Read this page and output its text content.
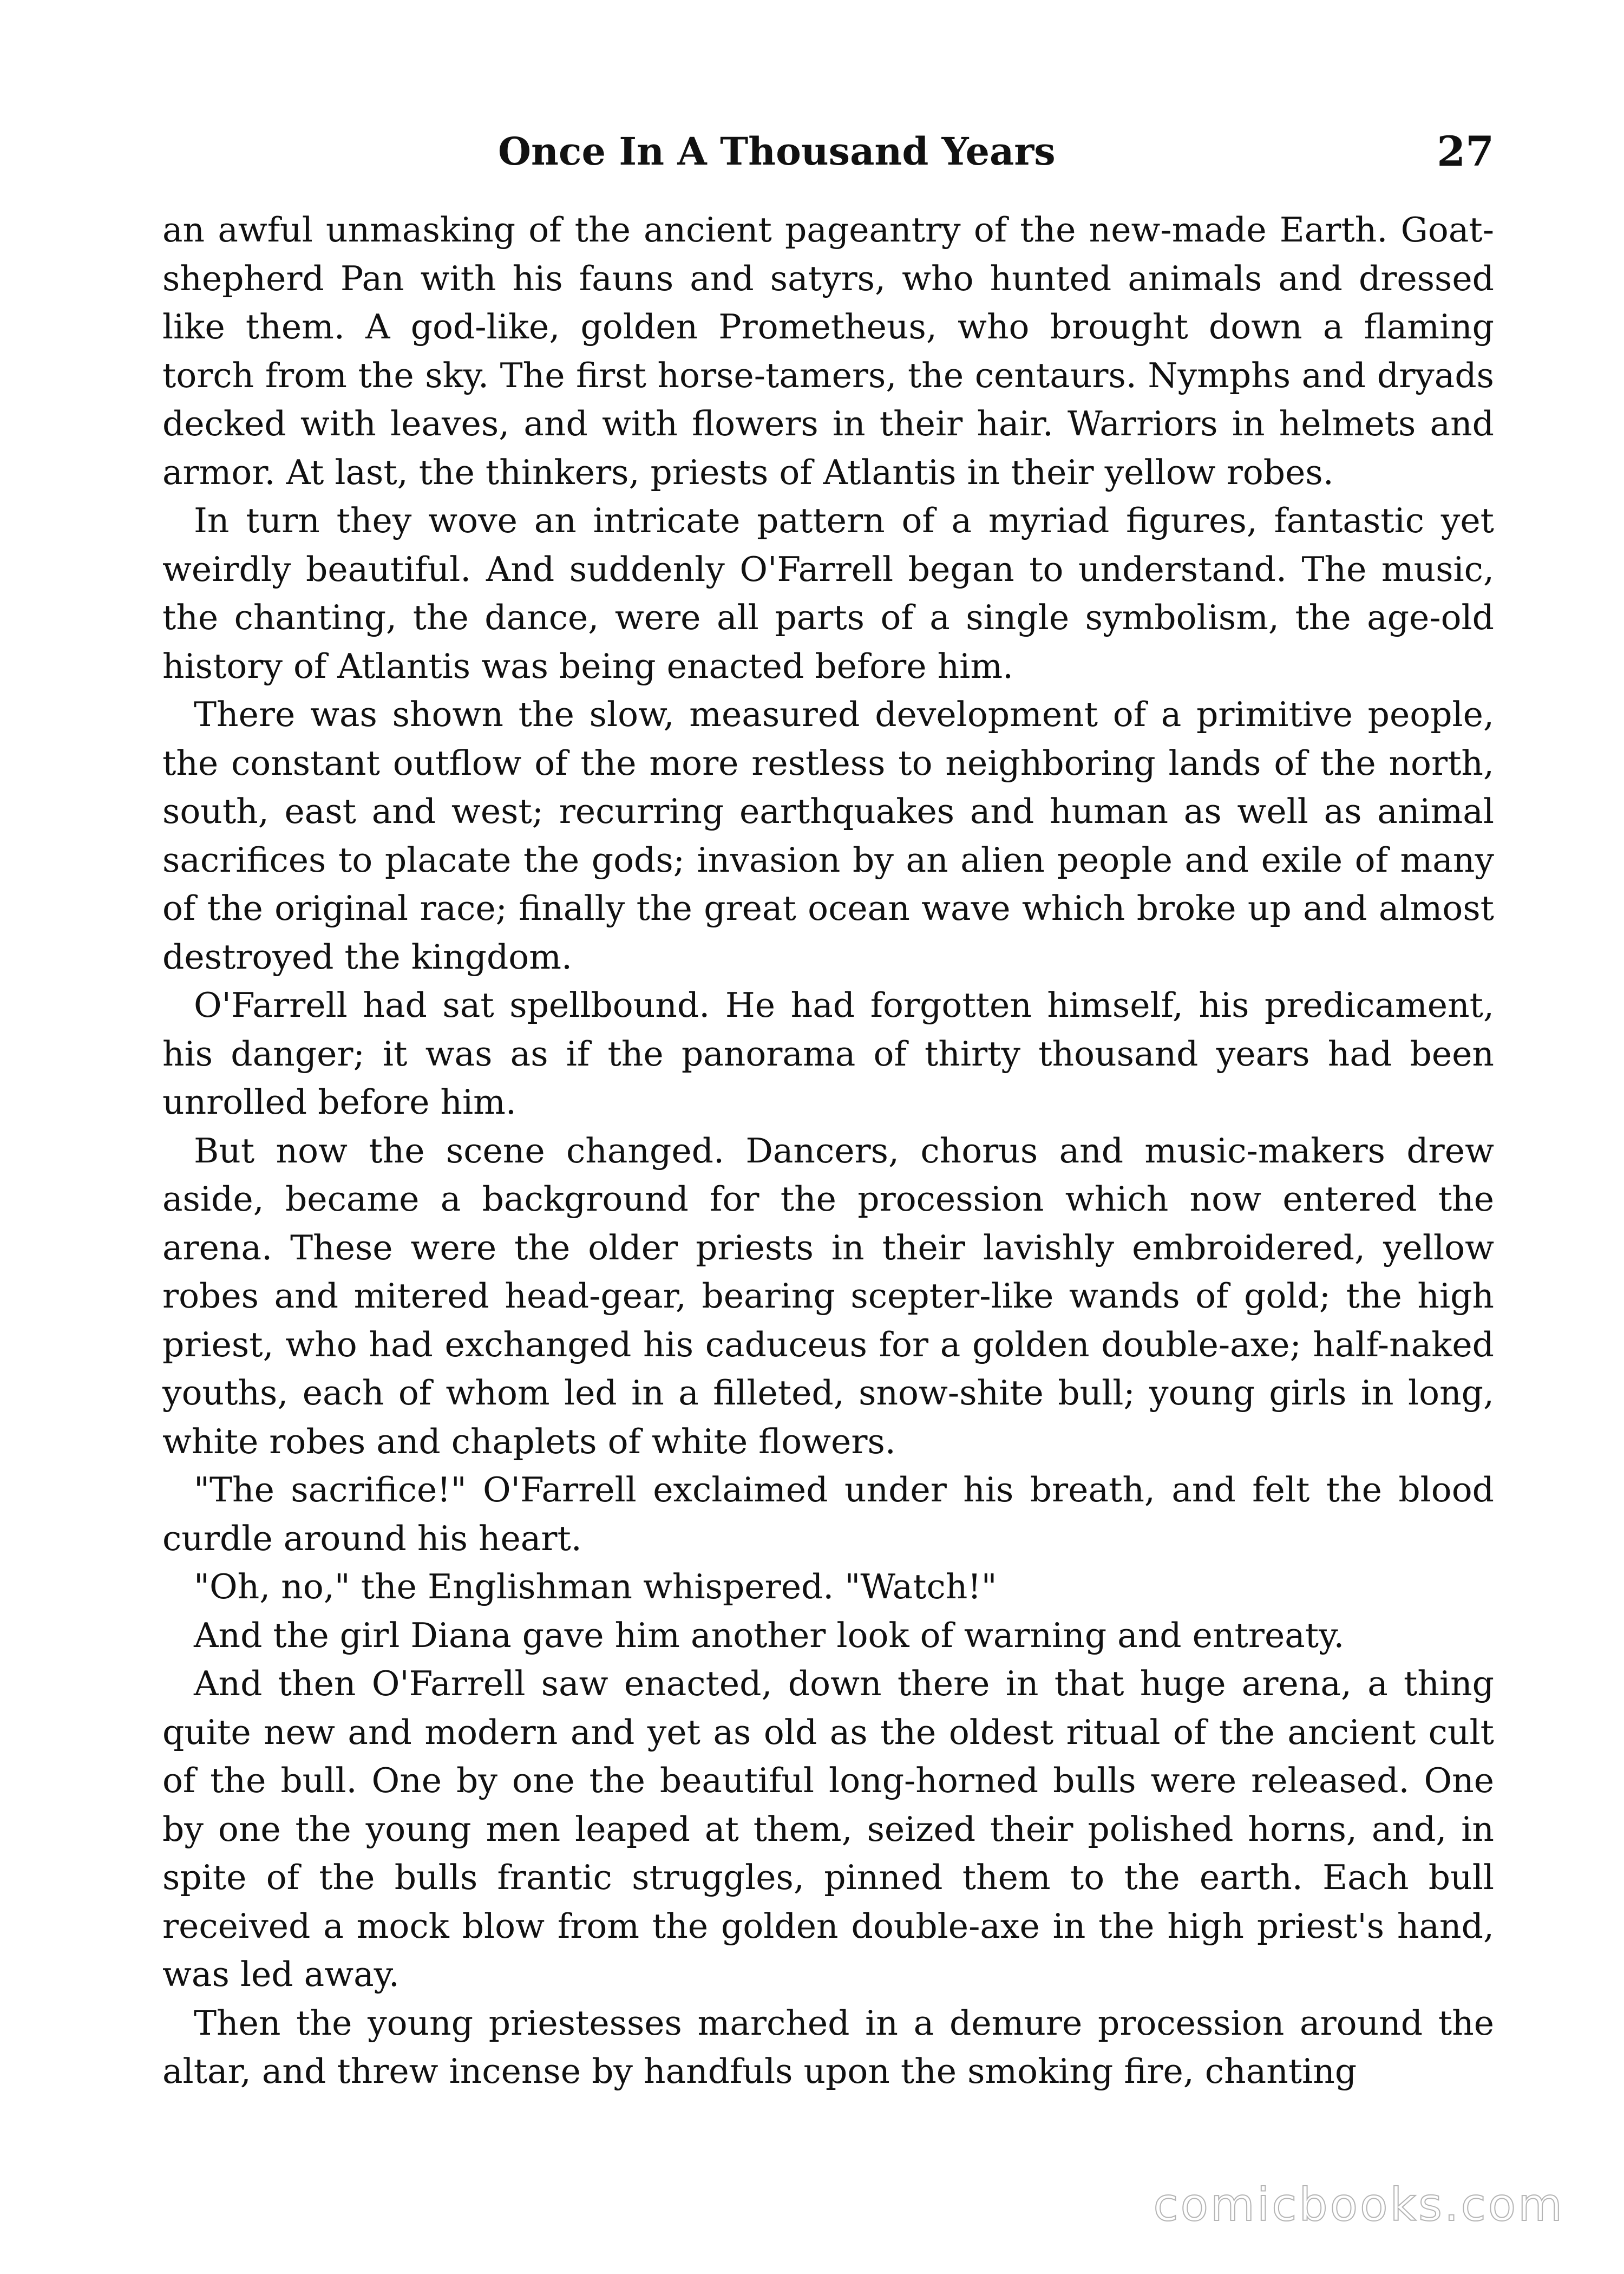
Once In A Thousand Years	27

an awful unmasking of the ancient pageantry of the new-made Earth. Goat-shepherd Pan with his fauns and satyrs, who hunted animals and dressed like them. A god-like, golden Prometheus, who brought down a flaming torch from the sky. The first horse-tamers, the centaurs. Nymphs and dryads decked with leaves, and with flowers in their hair. Warriors in helmets and armor. At last, the thinkers, priests of Atlantis in their yellow robes.

In turn they wove an intricate pattern of a myriad figures, fantastic yet weirdly beautiful. And suddenly O'Farrell began to understand. The music, the chanting, the dance, were all parts of a single symbolism, the age-old history of Atlantis was being enacted before him.

There was shown the slow, measured development of a primitive people, the constant outflow of the more restless to neighboring lands of the north, south, east and west; recurring earthquakes and human as well as animal sacrifices to placate the gods; invasion by an alien people and exile of many of the original race; finally the great ocean wave which broke up and almost destroyed the kingdom.

O'Farrell had sat spellbound. He had forgotten himself, his predicament, his danger; it was as if the panorama of thirty thousand years had been unrolled before him.

But now the scene changed. Dancers, chorus and music-makers drew aside, became a background for the procession which now entered the arena. These were the older priests in their lavishly embroidered, yellow robes and mitered head-gear, bearing scepter-like wands of gold; the high priest, who had exchanged his caduceus for a golden double-axe; half-naked youths, each of whom led in a filleted, snow-shite bull; young girls in long, white robes and chaplets of white flowers.

"The sacrifice!" O'Farrell exclaimed under his breath, and felt the blood curdle around his heart.

"Oh, no," the Englishman whispered. "Watch!"

And the girl Diana gave him another look of warning and entreaty.

And then O'Farrell saw enacted, down there in that huge arena, a thing quite new and modern and yet as old as the oldest ritual of the ancient cult of the bull. One by one the beautiful long-horned bulls were released. One by one the young men leaped at them, seized their polished horns, and, in spite of the bulls frantic struggles, pinned them to the earth. Each bull received a mock blow from the golden double-axe in the high priest's hand, was led away.

Then the young priestesses marched in a demure procession around the altar, and threw incense by handfuls upon the smoking fire, chanting

comicbooks.com
